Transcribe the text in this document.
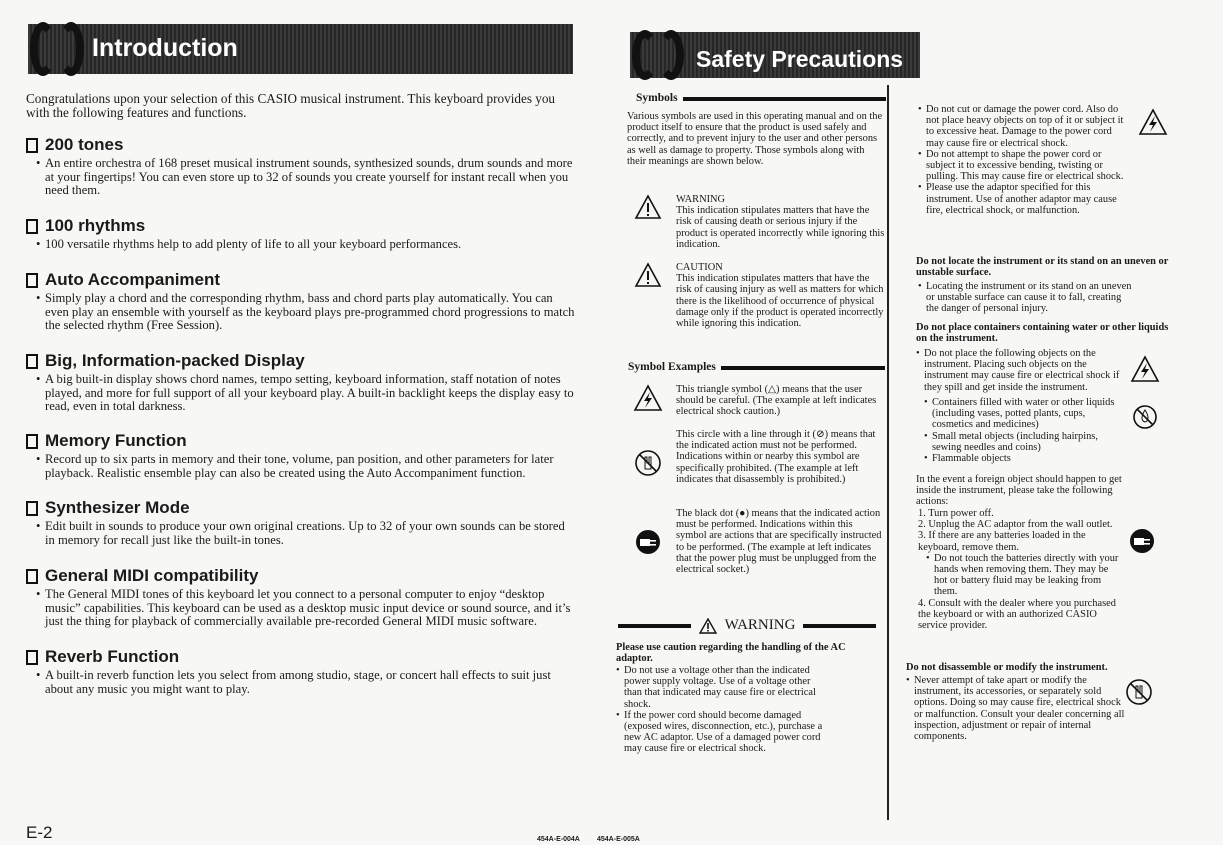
Introduction
Congratulations upon your selection of this CASIO musical instrument. This keyboard provides you with the following features and functions.
200 tones
• An entire orchestra of 168 preset musical instrument sounds, synthesized sounds, drum sounds and more at your fingertips! You can even store up to 32 of sounds you create yourself for instant recall when you need them.
100 rhythms
• 100 versatile rhythms help to add plenty of life to all your keyboard performances.
Auto Accompaniment
• Simply play a chord and the corresponding rhythm, bass and chord parts play automatically. You can even play an ensemble with yourself as the keyboard plays pre-programmed chord progressions to match the selected rhythm (Free Session).
Big, Information-packed Display
• A big built-in display shows chord names, tempo setting, keyboard information, staff notation of notes played, and more for full support of all your keyboard play. A built-in backlight keeps the display easy to read, even in total darkness.
Memory Function
• Record up to six parts in memory and their tone, volume, pan position, and other parameters for later playback. Realistic ensemble play can also be created using the Auto Accompaniment function.
Synthesizer Mode
• Edit built in sounds to produce your own original creations. Up to 32 of your own sounds can be stored in memory for recall just like the built-in tones.
General MIDI compatibility
• The General MIDI tones of this keyboard let you connect to a personal computer to enjoy “desktop music” capabilities. This keyboard can be used as a desktop music input device or sound source, and it’s just the thing for playback of commercially available pre-recorded General MIDI music software.
Reverb Function
• A built-in reverb function lets you select from among studio, stage, or concert hall effects to suit just about any music you might want to play.
E-2	454A-E-004A 454A-E-005A
Safety Precautions
Symbols
Various symbols are used in this operating manual and on the product itself to ensure that the product is used safely and correctly, and to prevent injury to the user and other persons as well as damage to property. Those symbols along with their meanings are shown below.
WARNING
This indication stipulates matters that have the risk of causing death or serious injury if the product is operated incorrectly while ignoring this indication.
CAUTION
This indication stipulates matters that have the risk of causing injury as well as matters for which there is the likelihood of occurrence of physical damage only if the product is operated incorrectly while ignoring this indication.
Symbol Examples
This triangle symbol (△) means that the user should be careful. (The example at left indicates electrical shock caution.)
This circle with a line through it (⊘) means that the indicated action must not be performed. Indications within or nearby this symbol are specifically prohibited. (The example at left indicates that disassembly is prohibited.)
The black dot (●) means that the indicated action must be performed. Indications within this symbol are actions that are specifically instructed to be performed. (The example at left indicates that the power plug must be unplugged from the electrical socket.)
WARNING
Please use caution regarding the handling of the AC adaptor.
• Do not use a voltage other than the indicated power supply voltage. Use of a voltage other than that indicated may cause fire or electrical shock.
• If the power cord should become damaged (exposed wires, disconnection, etc.), purchase a new AC adaptor. Use of a damaged power cord may cause fire or electrical shock.
• Do not cut or damage the power cord. Also do not place heavy objects on top of it or subject it to excessive heat. Damage to the power cord may cause fire or electrical shock.
• Do not attempt to shape the power cord or subject it to excessive bending, twisting or pulling. This may cause fire or electrical shock.
• Please use the adaptor specified for this instrument. Use of another adaptor may cause fire, electrical shock, or malfunction.
Do not locate the instrument or its stand on an uneven or unstable surface.
• Locating the instrument or its stand on an uneven or unstable surface can cause it to fall, creating the danger of personal injury.
Do not place containers containing water or other liquids on the instrument.
• Do not place the following objects on the instrument. Placing such objects on the instrument may cause fire or electrical shock if they spill and get inside the instrument.
• Containers filled with water or other liquids (including vases, potted plants, cups, cosmetics and medicines)
• Small metal objects (including hairpins, sewing needles and coins)
• Flammable objects
In the event a foreign object should happen to get inside the instrument, please take the following actions:
1. Turn power off.
2. Unplug the AC adaptor from the wall outlet.
3. If there are any batteries loaded in the keyboard, remove them.
• Do not touch the batteries directly with your hands when removing them. They may be hot or battery fluid may be leaking from them.
4. Consult with the dealer where you purchased the keyboard or with an authorized CASIO service provider.
Do not disassemble or modify the instrument.
• Never attempt of take apart or modify the instrument, its accessories, or separately sold options. Doing so may cause fire, electrical shock or malfunction. Consult your dealer concerning all inspection, adjustment or repair of internal components.
